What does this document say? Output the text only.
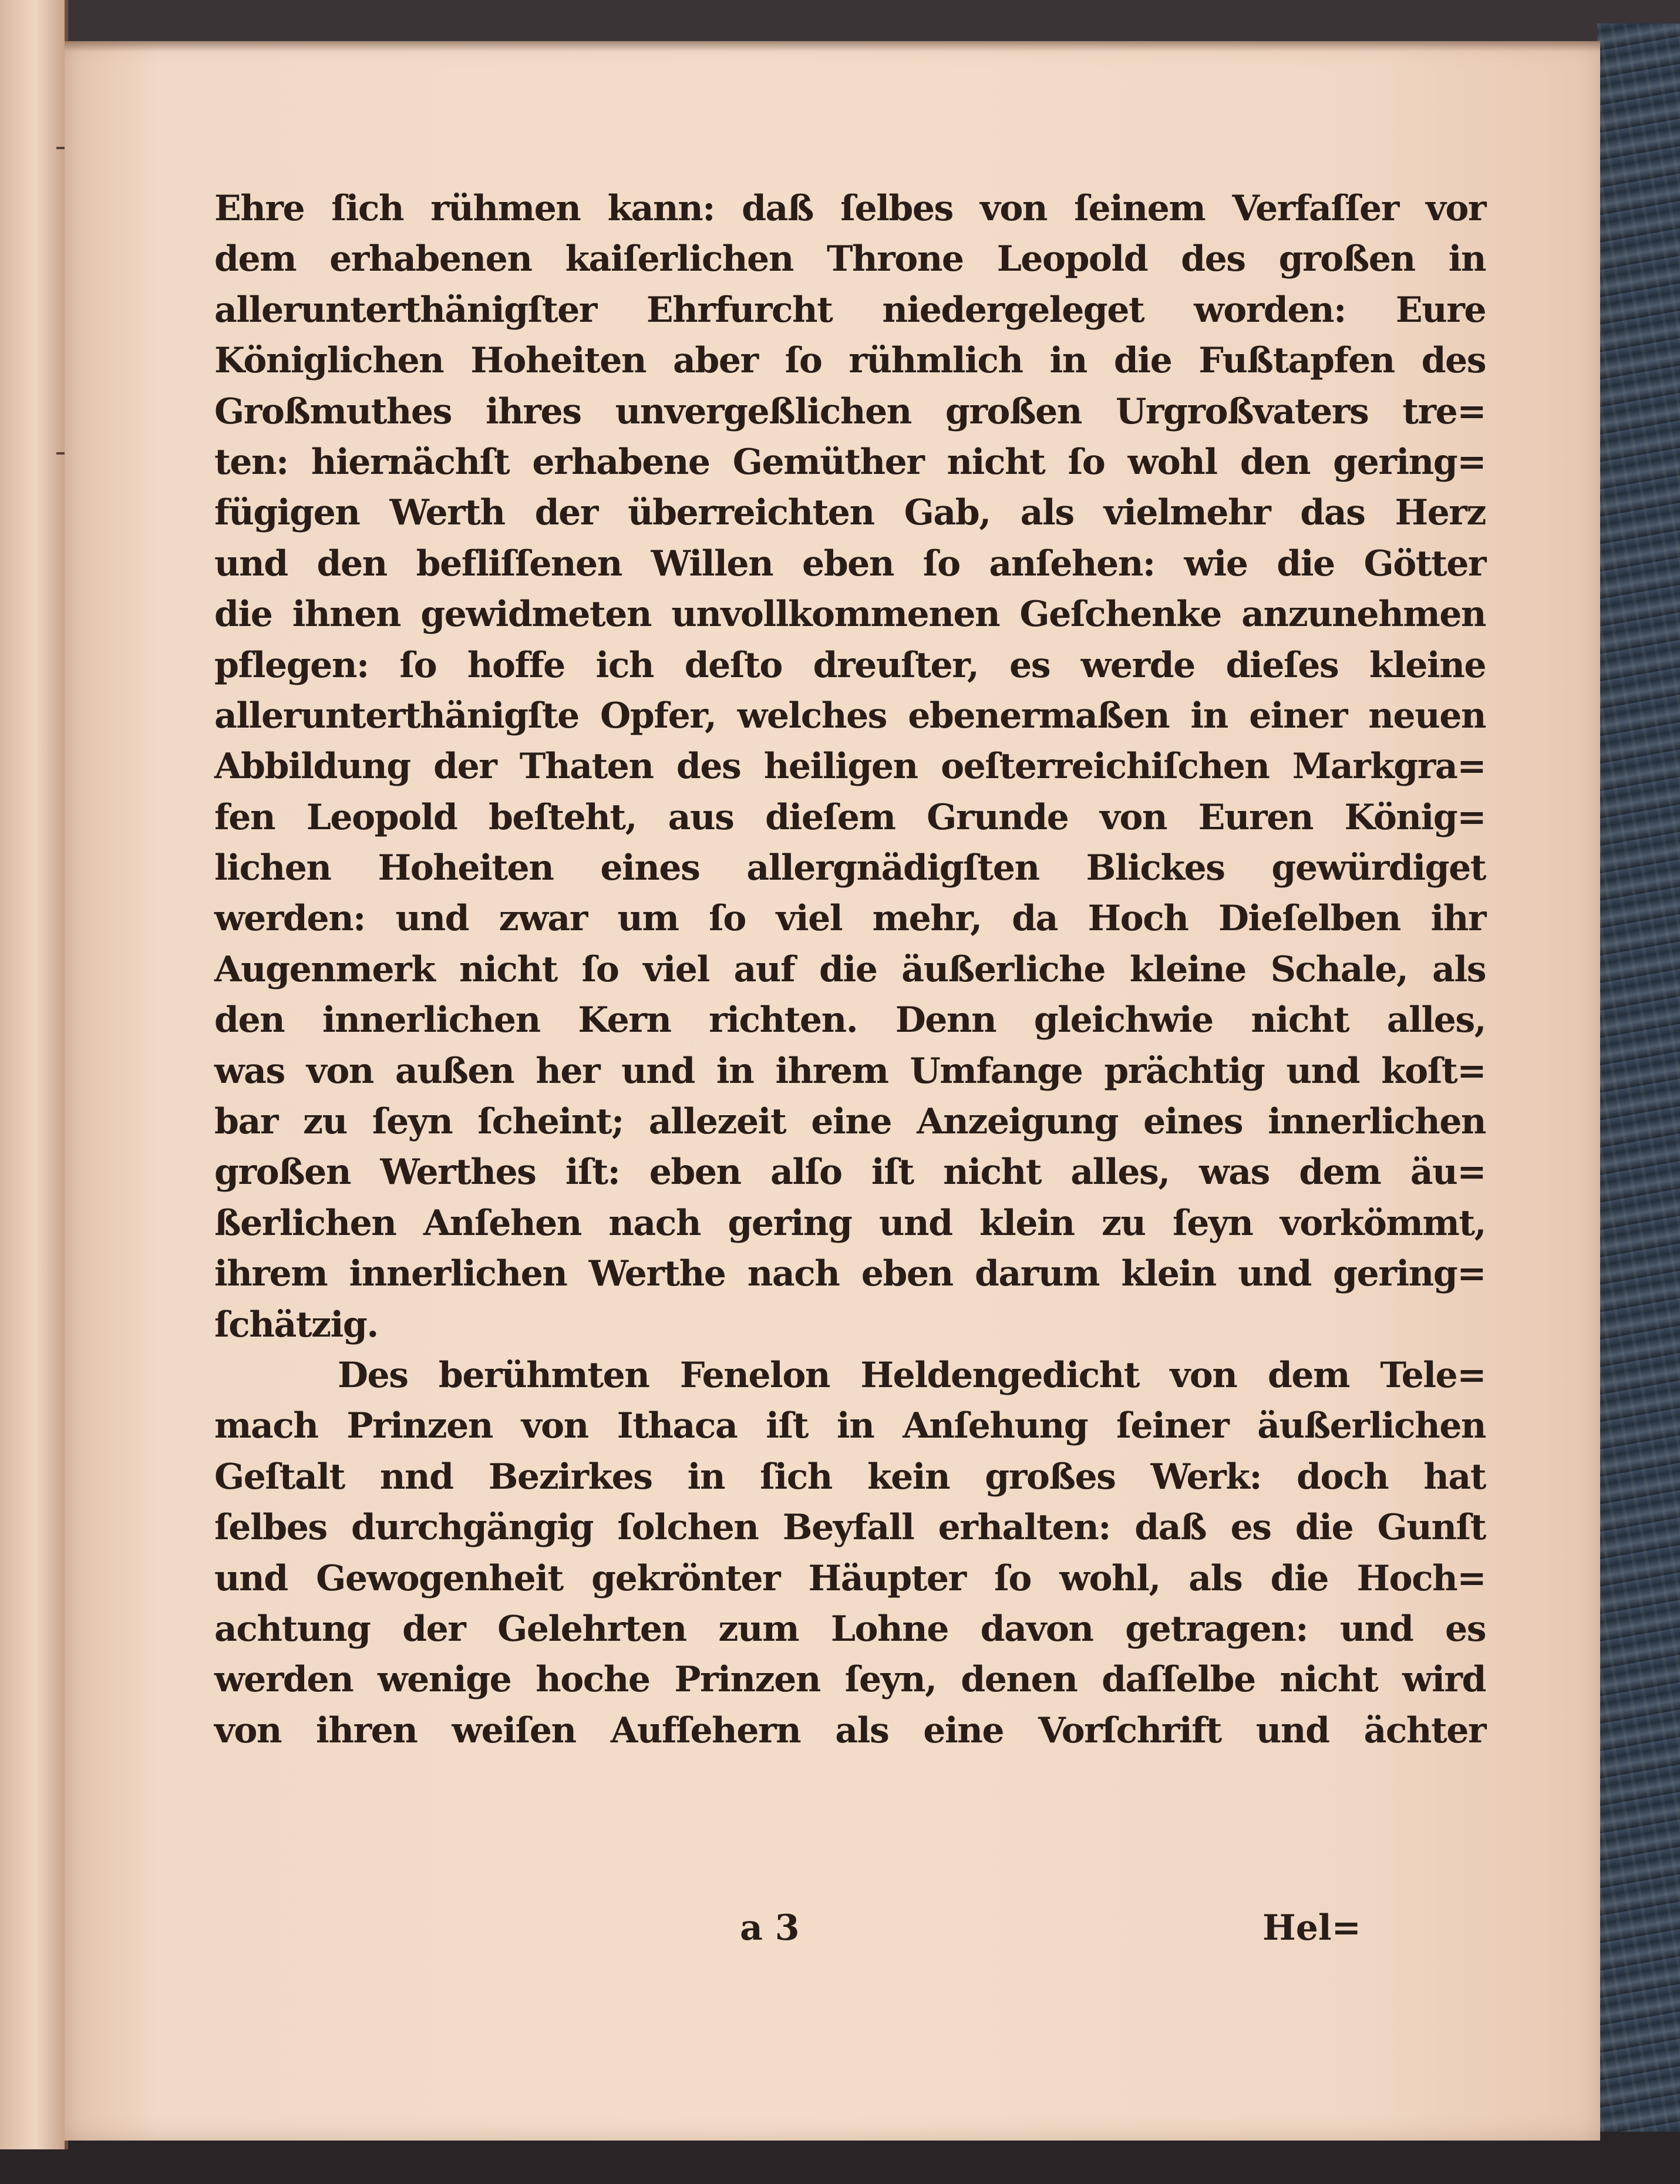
Ehre ſich rühmen kann: daß ſelbes von ſeinem Verfaſſer vor
dem erhabenen kaiſerlichen Throne Leopold des großen in
allerunterthänigſter Ehrfurcht niedergeleget worden: Eure
Königlichen Hoheiten aber ſo rühmlich in die Fußtapfen des
Großmuthes ihres unvergeßlichen großen Urgroßvaters tre=
ten: hiernächſt erhabene Gemüther nicht ſo wohl den gering=
fügigen Werth der überreichten Gab, als vielmehr das Herz
und den befliſſenen Willen eben ſo anſehen: wie die Götter
die ihnen gewidmeten unvollkommenen Geſchenke anzunehmen
pflegen: ſo hoffe ich deſto dreuſter, es werde dieſes kleine
allerunterthänigſte Opfer, welches ebenermaßen in einer neuen
Abbildung der Thaten des heiligen oeſterreichiſchen Markgra=
fen Leopold beſteht, aus dieſem Grunde von Euren König=
lichen Hoheiten eines allergnädigſten Blickes gewürdiget
werden: und zwar um ſo viel mehr, da Hoch Dieſelben ihr
Augenmerk nicht ſo viel auf die äußerliche kleine Schale, als
den innerlichen Kern richten. Denn gleichwie nicht alles,
was von außen her und in ihrem Umfange prächtig und koſt=
bar zu ſeyn ſcheint; allezeit eine Anzeigung eines innerlichen
großen Werthes iſt: eben alſo iſt nicht alles, was dem äu=
ßerlichen Anſehen nach gering und klein zu ſeyn vorkömmt,
ihrem innerlichen Werthe nach eben darum klein und gering=
ſchätzig.
Des berühmten Fenelon Heldengedicht von dem Tele=
mach Prinzen von Ithaca iſt in Anſehung ſeiner äußerlichen
Geſtalt nnd Bezirkes in ſich kein großes Werk: doch hat
ſelbes durchgängig ſolchen Beyfall erhalten: daß es die Gunſt
und Gewogenheit gekrönter Häupter ſo wohl, als die Hoch=
achtung der Gelehrten zum Lohne davon getragen: und es
werden wenige hoche Prinzen ſeyn, denen daſſelbe nicht wird
von ihren weiſen Aufſehern als eine Vorſchrift und ächter
a 3	Hel=
